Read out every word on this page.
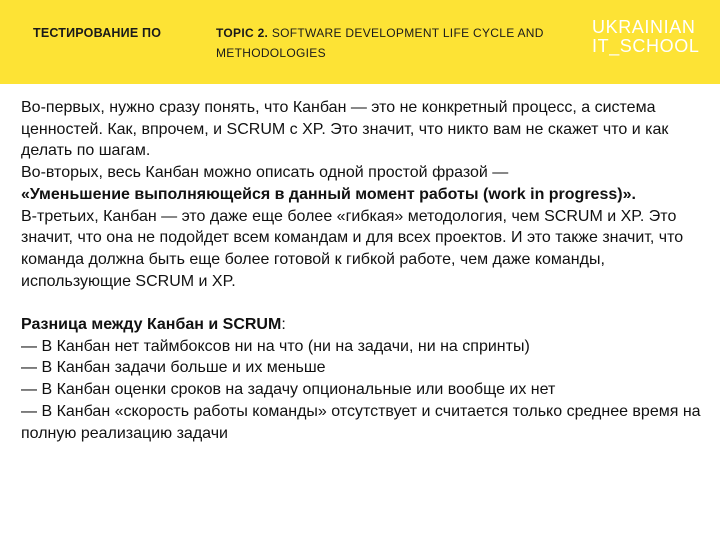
ТЕСТИРОВАНИЕ ПО	TOPIC 2. SOFTWARE DEVELOPMENT LIFE CYCLE AND METHODOLOGIES
UKRAINIAN
IT_SCHOOL

Во-первых, нужно сразу понять, что Канбан — это не конкретный процесс, а система ценностей. Как, впрочем, и SCRUM с XP. Это значит, что никто вам не скажет что и как делать по шагам.

Во-вторых, весь Канбан можно описать одной простой фразой —

«Уменьшение выполняющейся в данный момент работы (work in progress)».

В-третьих, Канбан — это даже еще более «гибкая» методология, чем SCRUM и XP. Это значит, что она не подойдет всем командам и для всех проектов. И это также значит, что команда должна быть еще более готовой к гибкой работе, чем даже команды, использующие SCRUM и XP.

Разница между Канбан и SCRUM:

— В Канбан нет таймбоксов ни на что (ни на задачи, ни на спринты)

— В Канбан задачи больше и их меньше

— В Канбан оценки сроков на задачу опциональные или вообще их нет

— В Канбан «скорость работы команды» отсутствует и считается только среднее время на полную реализацию задачи
